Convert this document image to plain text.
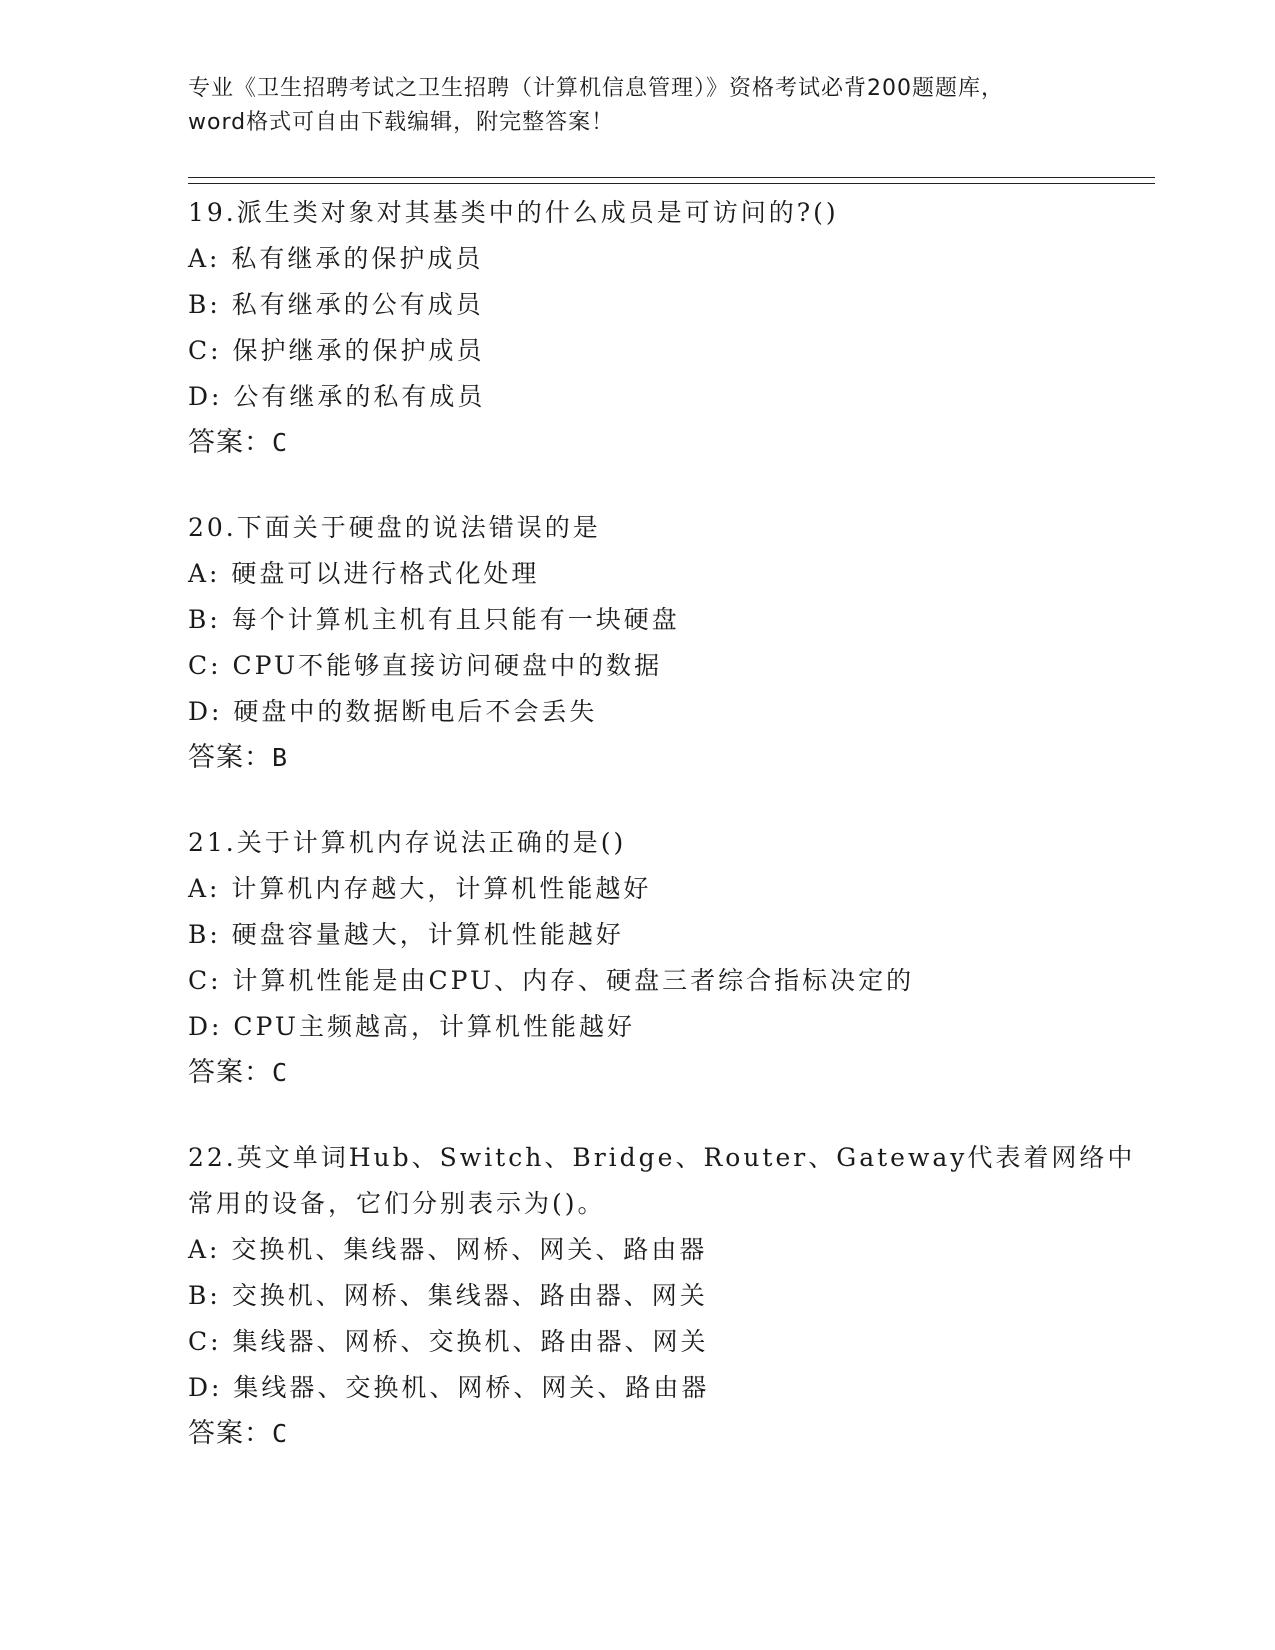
专业《卫生招聘考试之卫生招聘（计算机信息管理）》资格考试必背200题题库，
word格式可自由下载编辑，附完整答案！
19.派生类对象对其基类中的什么成员是可访问的?()
A: 私有继承的保护成员
B: 私有继承的公有成员
C: 保护继承的保护成员
D: 公有继承的私有成员
答案：C
20.下面关于硬盘的说法错误的是
A: 硬盘可以进行格式化处理
B: 每个计算机主机有且只能有一块硬盘
C: CPU不能够直接访问硬盘中的数据
D: 硬盘中的数据断电后不会丢失
答案：B
21.关于计算机内存说法正确的是()
A: 计算机内存越大，计算机性能越好
B: 硬盘容量越大，计算机性能越好
C: 计算机性能是由CPU、内存、硬盘三者综合指标决定的
D: CPU主频越高，计算机性能越好
答案：C
22.英文单词Hub、Switch、Bridge、Router、Gateway代表着网络中
常用的设备，它们分别表示为()。
A: 交换机、集线器、网桥、网关、路由器
B: 交换机、网桥、集线器、路由器、网关
C: 集线器、网桥、交换机、路由器、网关
D: 集线器、交换机、网桥、网关、路由器
答案：C
